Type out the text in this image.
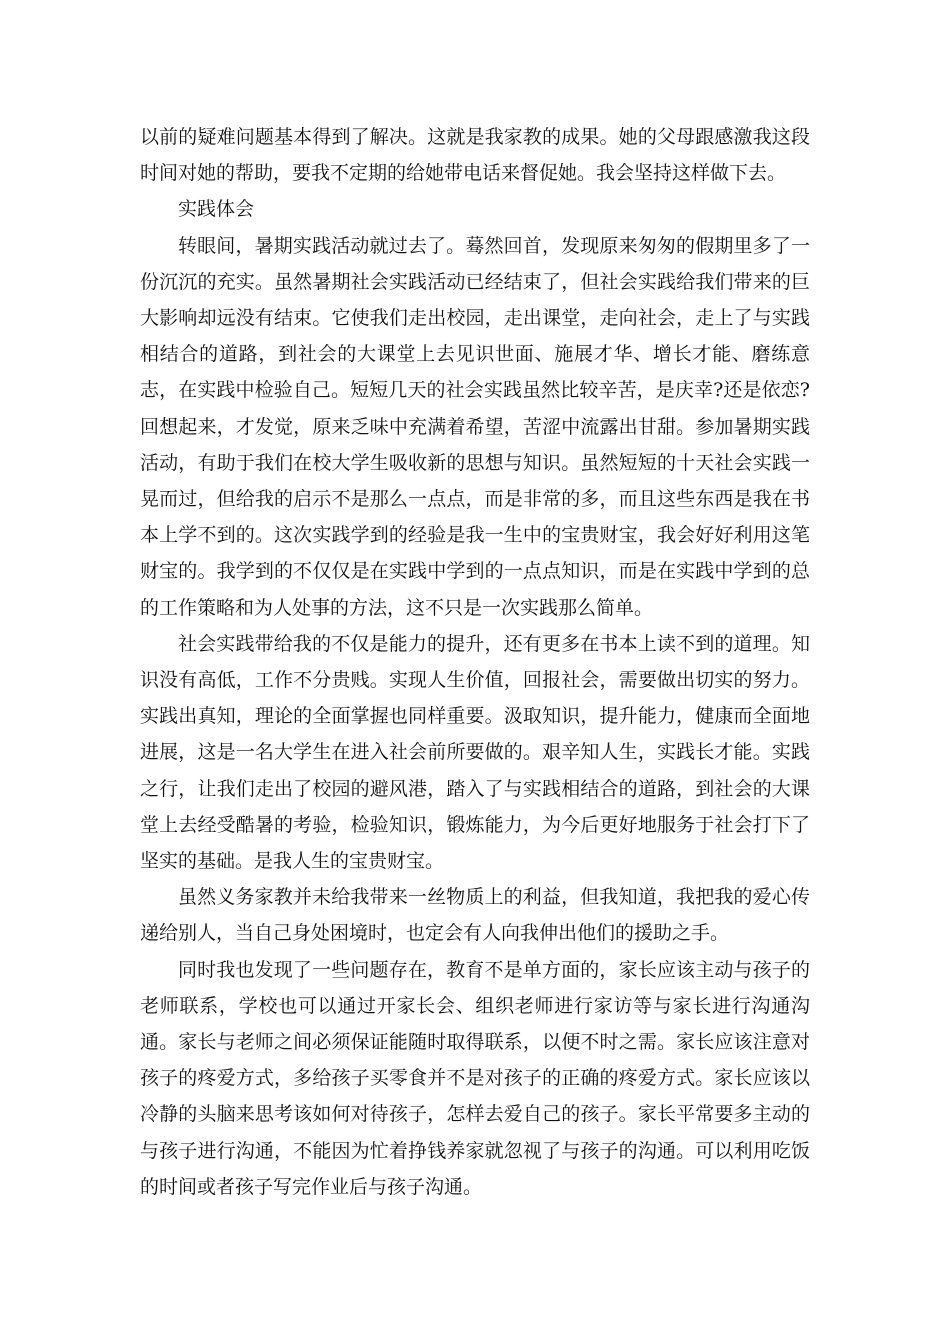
以前的疑难问题基本得到了解决。这就是我家教的成果。她的父母跟感激我这段时间对她的帮助，要我不定期的给她带电话来督促她。我会坚持这样做下去。

实践体会

转眼间，暑期实践活动就过去了。蓦然回首，发现原来匆匆的假期里多了一份沉沉的充实。虽然暑期社会实践活动已经结束了，但社会实践给我们带来的巨大影响却远没有结束。它使我们走出校园，走出课堂，走向社会，走上了与实践相结合的道路，到社会的大课堂上去见识世面、施展才华、增长才能、磨练意志，在实践中检验自己。短短几天的社会实践虽然比较辛苦，是庆幸?还是依恋?回想起来，才发觉，原来乏味中充满着希望，苦涩中流露出甘甜。参加暑期实践活动，有助于我们在校大学生吸收新的思想与知识。虽然短短的十天社会实践一晃而过，但给我的启示不是那么一点点，而是非常的多，而且这些东西是我在书本上学不到的。这次实践学到的经验是我一生中的宝贵财宝，我会好好利用这笔财宝的。我学到的不仅仅是在实践中学到的一点点知识，而是在实践中学到的总的工作策略和为人处事的方法，这不只是一次实践那么简单。

社会实践带给我的不仅是能力的提升，还有更多在书本上读不到的道理。知识没有高低，工作不分贵贱。实现人生价值，回报社会，需要做出切实的努力。实践出真知，理论的全面掌握也同样重要。汲取知识，提升能力，健康而全面地进展，这是一名大学生在进入社会前所要做的。艰辛知人生，实践长才能。实践之行，让我们走出了校园的避风港，踏入了与实践相结合的道路，到社会的大课堂上去经受酷暑的考验，检验知识，锻炼能力，为今后更好地服务于社会打下了坚实的基础。是我人生的宝贵财宝。

虽然义务家教并未给我带来一丝物质上的利益，但我知道，我把我的爱心传递给别人，当自己身处困境时，也定会有人向我伸出他们的援助之手。

同时我也发现了一些问题存在，教育不是单方面的，家长应该主动与孩子的老师联系，学校也可以通过开家长会、组织老师进行家访等与家长进行沟通沟通。家长与老师之间必须保证能随时取得联系，以便不时之需。家长应该注意对孩子的疼爱方式，多给孩子买零食并不是对孩子的正确的疼爱方式。家长应该以冷静的头脑来思考该如何对待孩子，怎样去爱自己的孩子。家长平常要多主动的与孩子进行沟通，不能因为忙着挣钱养家就忽视了与孩子的沟通。可以利用吃饭的时间或者孩子写完作业后与孩子沟通。
